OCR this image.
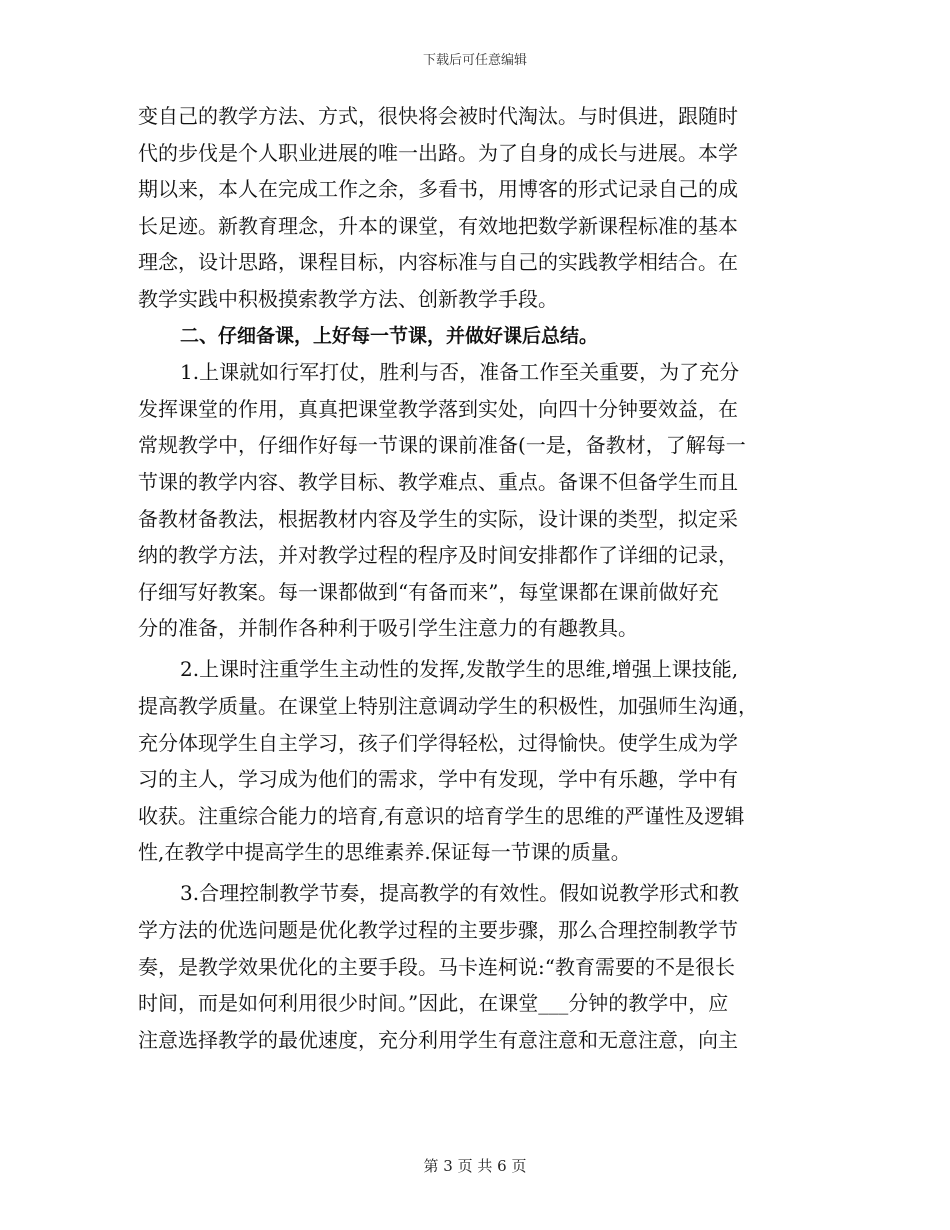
下载后可任意编辑
变自己的教学方法、方式，很快将会被时代淘汰。与时俱进，跟随时
代的步伐是个人职业进展的唯一出路。为了自身的成长与进展。本学
期以来，本人在完成工作之余，多看书，用博客的形式记录自己的成
长足迹。新教育理念，升本的课堂，有效地把数学新课程标准的基本
理念，设计思路，课程目标，内容标准与自己的实践教学相结合。在
教学实践中积极摸索教学方法、创新教学手段。
二、仔细备课，上好每一节课，并做好课后总结。
1.上课就如行军打仗，胜利与否，准备工作至关重要，为了充分
发挥课堂的作用，真真把课堂教学落到实处，向四十分钟要效益，在
常规教学中，仔细作好每一节课的课前准备(一是，备教材，了解每一
节课的教学内容、教学目标、教学难点、重点。备课不但备学生而且
备教材备教法，根据教材内容及学生的实际，设计课的类型，拟定采
纳的教学方法，并对教学过程的程序及时间安排都作了详细的记录，
仔细写好教案。每一课都做到“有备而来”，每堂课都在课前做好充
分的准备，并制作各种利于吸引学生注意力的有趣教具。
2.上课时注重学生主动性的发挥,发散学生的思维,增强上课技能,
提高教学质量。在课堂上特别注意调动学生的积极性，加强师生沟通，
充分体现学生自主学习，孩子们学得轻松，过得愉快。使学生成为学
习的主人，学习成为他们的需求，学中有发现，学中有乐趣，学中有
收获。注重综合能力的培育,有意识的培育学生的思维的严谨性及逻辑
性,在教学中提高学生的思维素养.保证每一节课的质量。
3.合理控制教学节奏，提高教学的有效性。假如说教学形式和教
学方法的优选问题是优化教学过程的主要步骤，那么合理控制教学节
奏，是教学效果优化的主要手段。马卡连柯说:“教育需要的不是很长
时间，而是如何利用很少时间。”因此，在课堂___分钟的教学中，应
注意选择教学的最优速度，充分利用学生有意注意和无意注意，向主
第 3 页 共 6 页
